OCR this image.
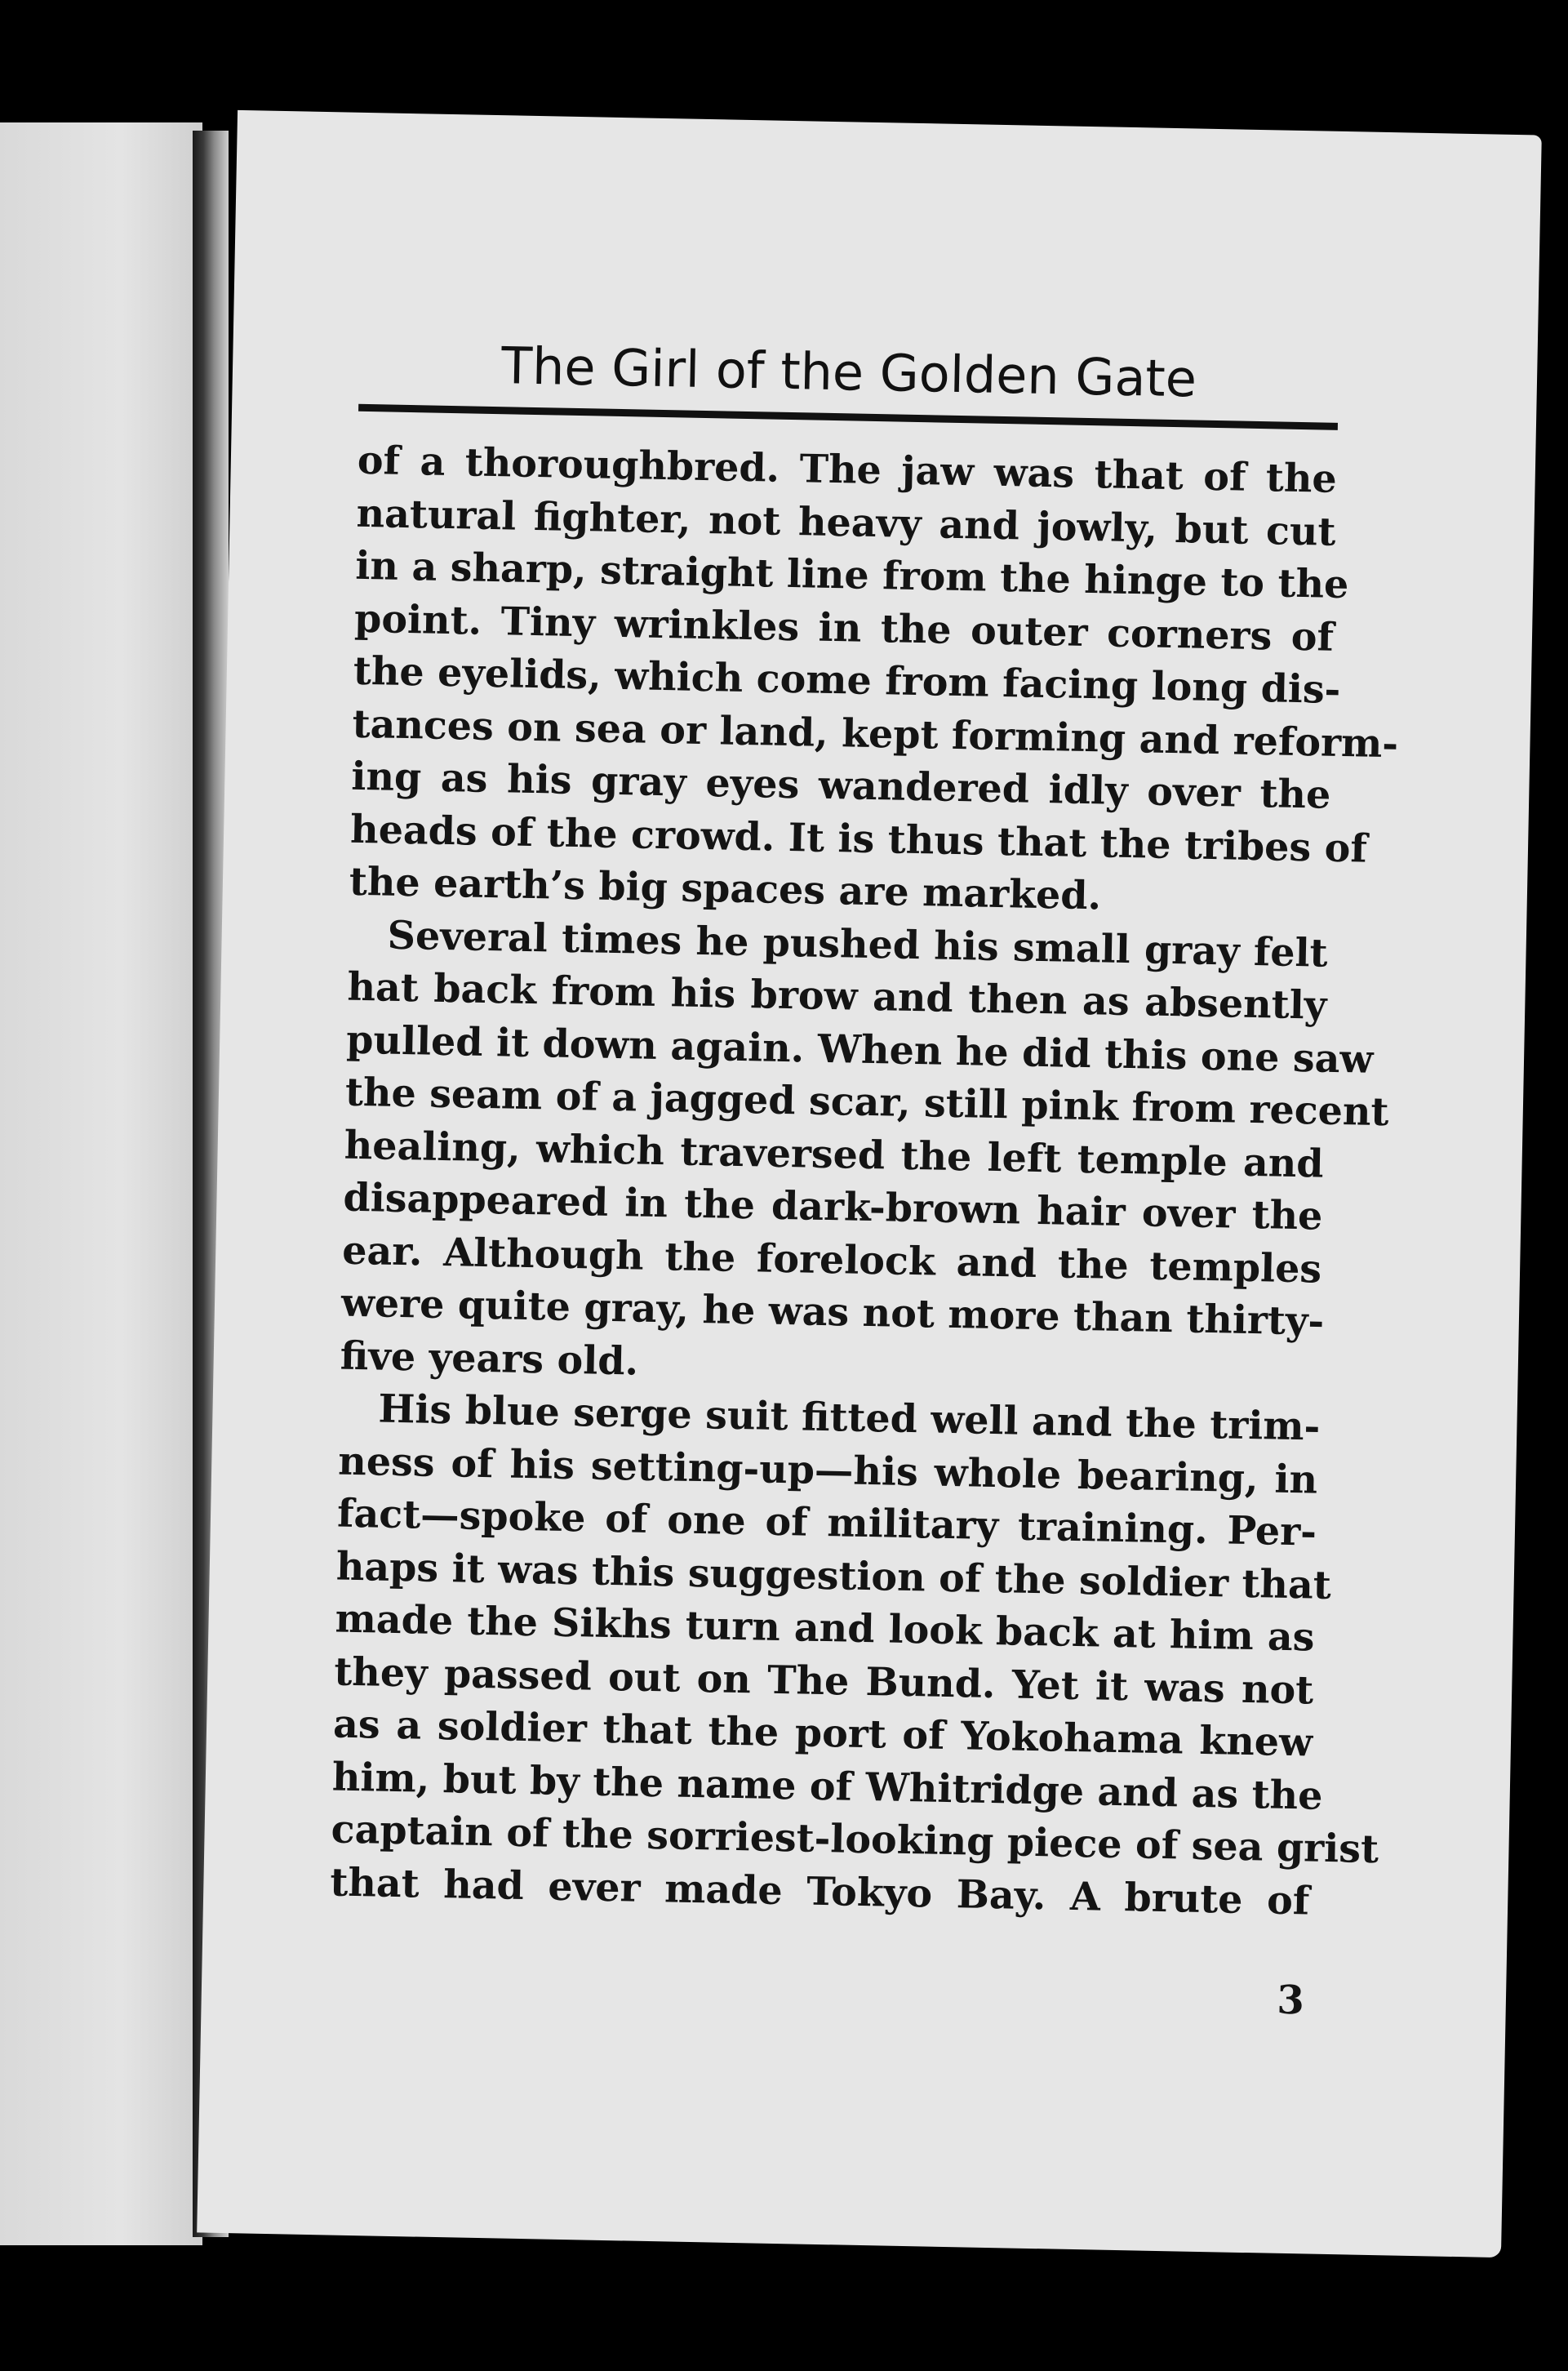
The Girl of the Golden Gate
of a thoroughbred. The jaw was that of the
natural fighter, not heavy and jowly, but cut
in a sharp, straight line from the hinge to the
point. Tiny wrinkles in the outer corners of
the eyelids, which come from facing long dis-
tances on sea or land, kept forming and reform-
ing as his gray eyes wandered idly over the
heads of the crowd. It is thus that the tribes of
the earth’s big spaces are marked.
Several times he pushed his small gray felt
hat back from his brow and then as absently
pulled it down again. When he did this one saw
the seam of a jagged scar, still pink from recent
healing, which traversed the left temple and
disappeared in the dark-brown hair over the
ear. Although the forelock and the temples
were quite gray, he was not more than thirty-
five years old.
His blue serge suit fitted well and the trim-
ness of his setting-up—his whole bearing, in
fact—spoke of one of military training. Per-
haps it was this suggestion of the soldier that
made the Sikhs turn and look back at him as
they passed out on The Bund. Yet it was not
as a soldier that the port of Yokohama knew
him, but by the name of Whitridge and as the
captain of the sorriest-looking piece of sea grist
that had ever made Tokyo Bay. A brute of
3
